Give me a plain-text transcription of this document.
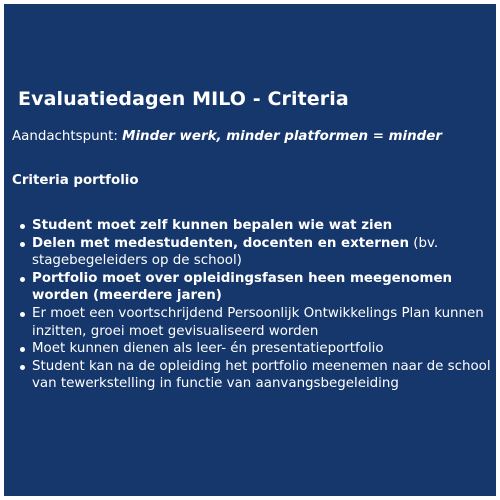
Evaluatiedagen MILO - Criteria
Aandachtspunt: Minder werk, minder platformen = minder
Criteria portfolio
Student moet zelf kunnen bepalen wie wat zien
Delen met medestudenten, docenten en externen (bv. stagebegeleiders op de school)
Portfolio moet over opleidingsfasen heen meegenomen worden (meerdere jaren)
Er moet een voortschrijdend Persoonlijk Ontwikkelings Plan kunnen inzitten, groei moet gevisualiseerd worden
Moet kunnen dienen als leer- én presentatieportfolio
Student kan na de opleiding het portfolio meenemen naar de school van tewerkstelling in functie van aanvangsbegeleiding
